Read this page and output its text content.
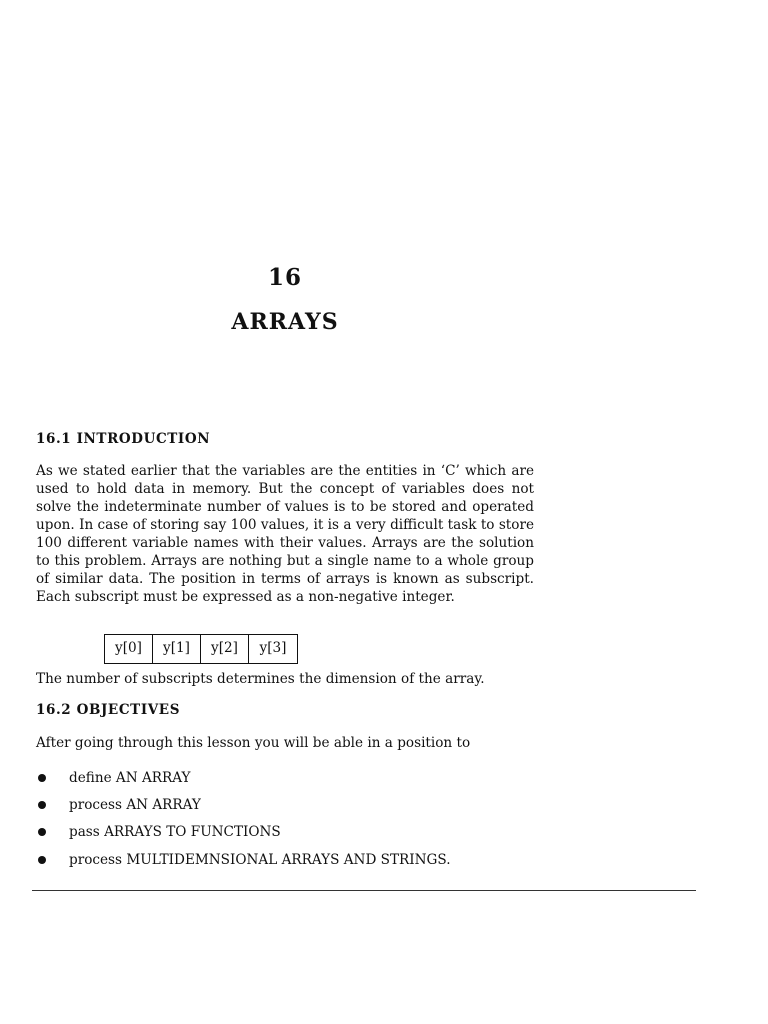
16
ARRAYS
16.1 INTRODUCTION

As we stated earlier that the variables are the entities in ‘C’ which are used to hold data in memory. But the concept of variables does not solve the indeterminate number of values is to be stored and operated upon. In case of storing say 100 values, it is a very difficult task to store 100 different variable names with their values. Arrays are the solution to this problem. Arrays are nothing but a single name to a whole group of similar data. The position in terms of arrays is known as subscript. Each subscript must be expressed as a non-negative integer.

y[0]	y[1]	y[2]	y[3]

The number of subscripts determines the dimension of the array.

16.2 OBJECTIVES

After going through this lesson you will be able in a position to

define AN ARRAY
process AN ARRAY
pass ARRAYS TO FUNCTIONS
process MULTIDEMNSIONAL ARRAYS AND STRINGS.
